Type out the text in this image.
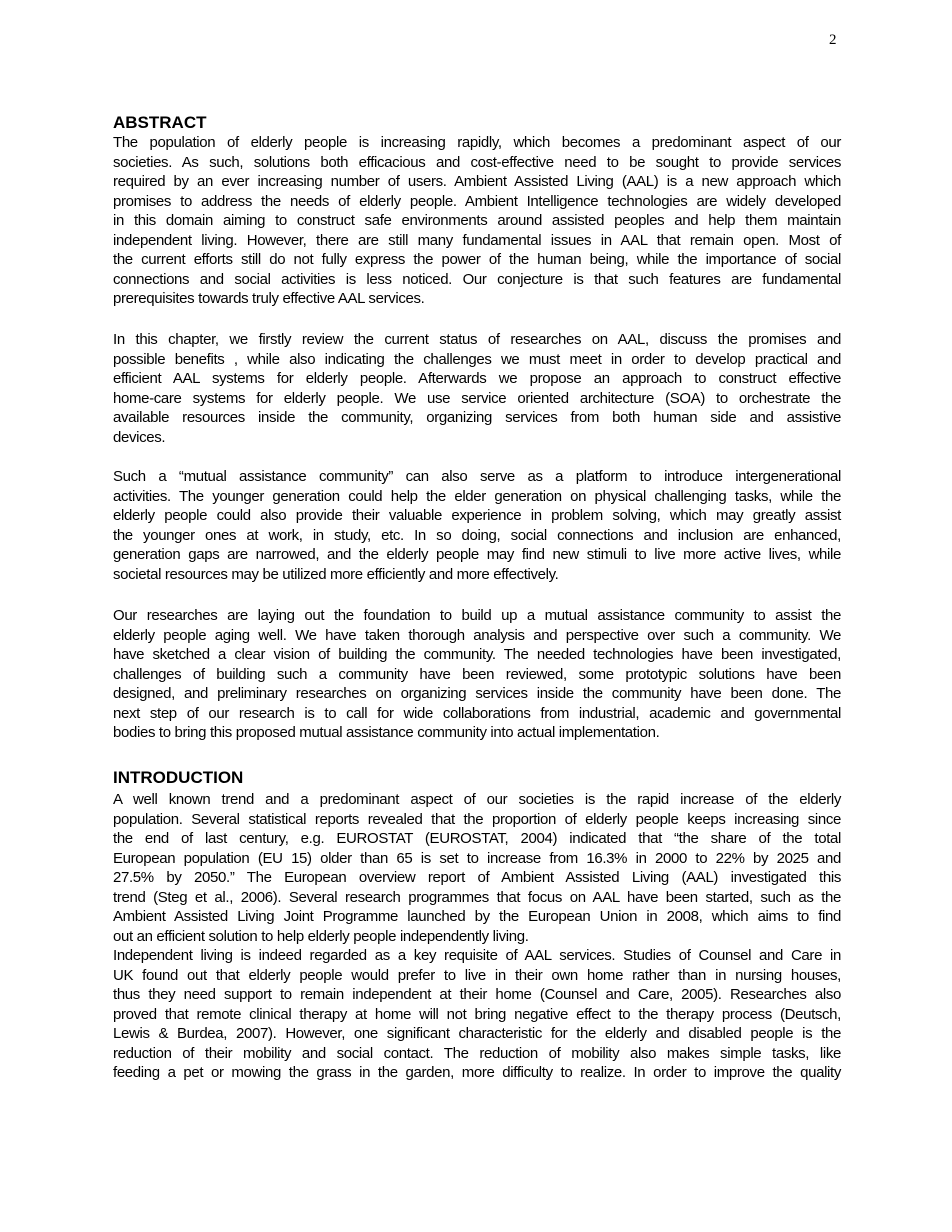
2
ABSTRACT
The population of elderly people is increasing rapidly, which becomes a predominant aspect of our
societies. As such, solutions both efficacious and cost-effective need to be sought to provide services
required by an ever increasing number of users. Ambient Assisted Living (AAL) is a new approach which
promises to address the needs of elderly people. Ambient Intelligence technologies are widely developed
in this domain aiming to construct safe environments around assisted peoples and help them maintain
independent living. However, there are still many fundamental issues in AAL that remain open. Most of
the current efforts still do not fully express the power of the human being, while the importance of social
connections and social activities is less noticed. Our conjecture is that such features are fundamental
prerequisites towards truly effective AAL services.
In this chapter, we firstly review the current status of researches on AAL, discuss the promises and
possible benefits , while also indicating the challenges we must meet in order to develop practical and
efficient AAL systems for elderly people. Afterwards we propose an approach to construct effective
home-care systems for elderly people. We use service oriented architecture (SOA) to orchestrate the
available resources inside the community, organizing services from both human side and assistive
devices.
Such a “mutual assistance community” can also serve as a platform to introduce intergenerational
activities. The younger generation could help the elder generation on physical challenging tasks, while the
elderly people could also provide their valuable experience in problem solving, which may greatly assist
the younger ones at work, in study, etc. In so doing, social connections and inclusion are enhanced,
generation gaps are narrowed, and the elderly people may find new stimuli to live more active lives, while
societal resources may be utilized more efficiently and more effectively.
Our researches are laying out the foundation to build up a mutual assistance community to assist the
elderly people aging well. We have taken thorough analysis and perspective over such a community. We
have sketched a clear vision of building the community. The needed technologies have been investigated,
challenges of building such a community have been reviewed, some prototypic solutions have been
designed, and preliminary researches on organizing services inside the community have been done. The
next step of our research is to call for wide collaborations from industrial, academic and governmental
bodies to bring this proposed mutual assistance community into actual implementation.
INTRODUCTION
A well known trend and a predominant aspect of our societies is the rapid increase of the elderly
population. Several statistical reports revealed that the proportion of elderly people keeps increasing since
the end of last century, e.g. EUROSTAT (EUROSTAT, 2004) indicated that “the share of the total
European population (EU 15) older than 65 is set to increase from 16.3% in 2000 to 22% by 2025 and
27.5% by 2050.” The European overview report of Ambient Assisted Living (AAL) investigated this
trend (Steg et al., 2006). Several research programmes that focus on AAL have been started, such as the
Ambient Assisted Living Joint Programme launched by the European Union in 2008, which aims to find
out an efficient solution to help elderly people independently living.
Independent living is indeed regarded as a key requisite of AAL services. Studies of Counsel and Care in
UK found out that elderly people would prefer to live in their own home rather than in nursing houses,
thus they need support to remain independent at their home (Counsel and Care, 2005). Researches also
proved that remote clinical therapy at home will not bring negative effect to the therapy process (Deutsch,
Lewis & Burdea, 2007). However, one significant characteristic for the elderly and disabled people is the
reduction of their mobility and social contact. The reduction of mobility also makes simple tasks, like
feeding a pet or mowing the grass in the garden, more difficulty to realize. In order to improve the quality
